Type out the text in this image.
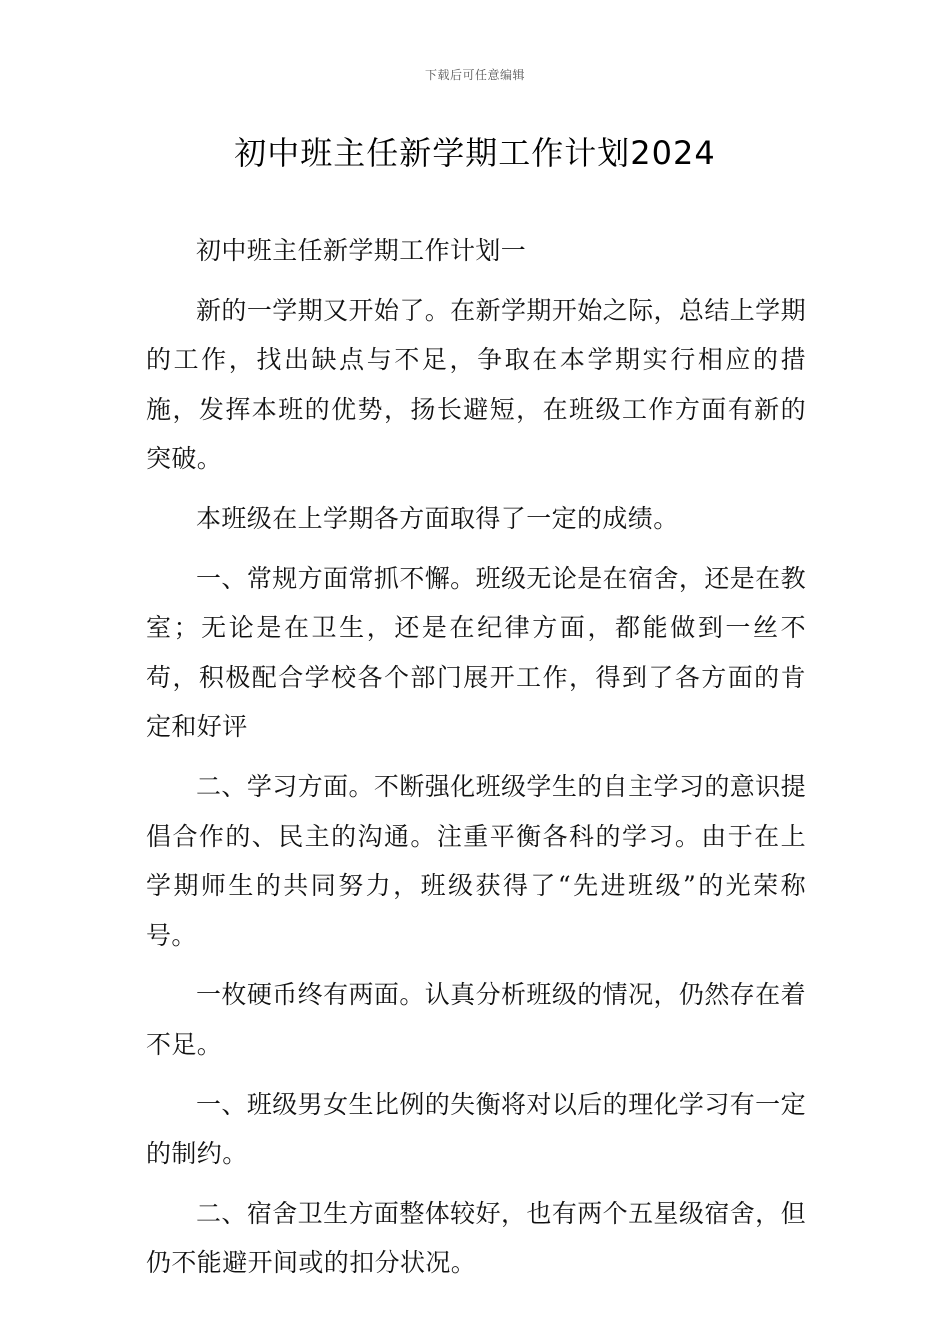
下载后可任意编辑
初中班主任新学期工作计划2024

初中班主任新学期工作计划一

新的一学期又开始了。在新学期开始之际，总结上学期的工作，找出缺点与不足，争取在本学期实行相应的措施，发挥本班的优势，扬长避短，在班级工作方面有新的突破。

本班级在上学期各方面取得了一定的成绩。

一、常规方面常抓不懈。班级无论是在宿舍，还是在教室；无论是在卫生，还是在纪律方面，都能做到一丝不苟，积极配合学校各个部门展开工作，得到了各方面的肯定和好评

二、学习方面。不断强化班级学生的自主学习的意识提倡合作的、民主的沟通。注重平衡各科的学习。由于在上学期师生的共同努力，班级获得了“先进班级”的光荣称号。

一枚硬币终有两面。认真分析班级的情况，仍然存在着不足。

一、班级男女生比例的失衡将对以后的理化学习有一定的制约。

二、宿舍卫生方面整体较好，也有两个五星级宿舍，但仍不能避开间或的扣分状况。
